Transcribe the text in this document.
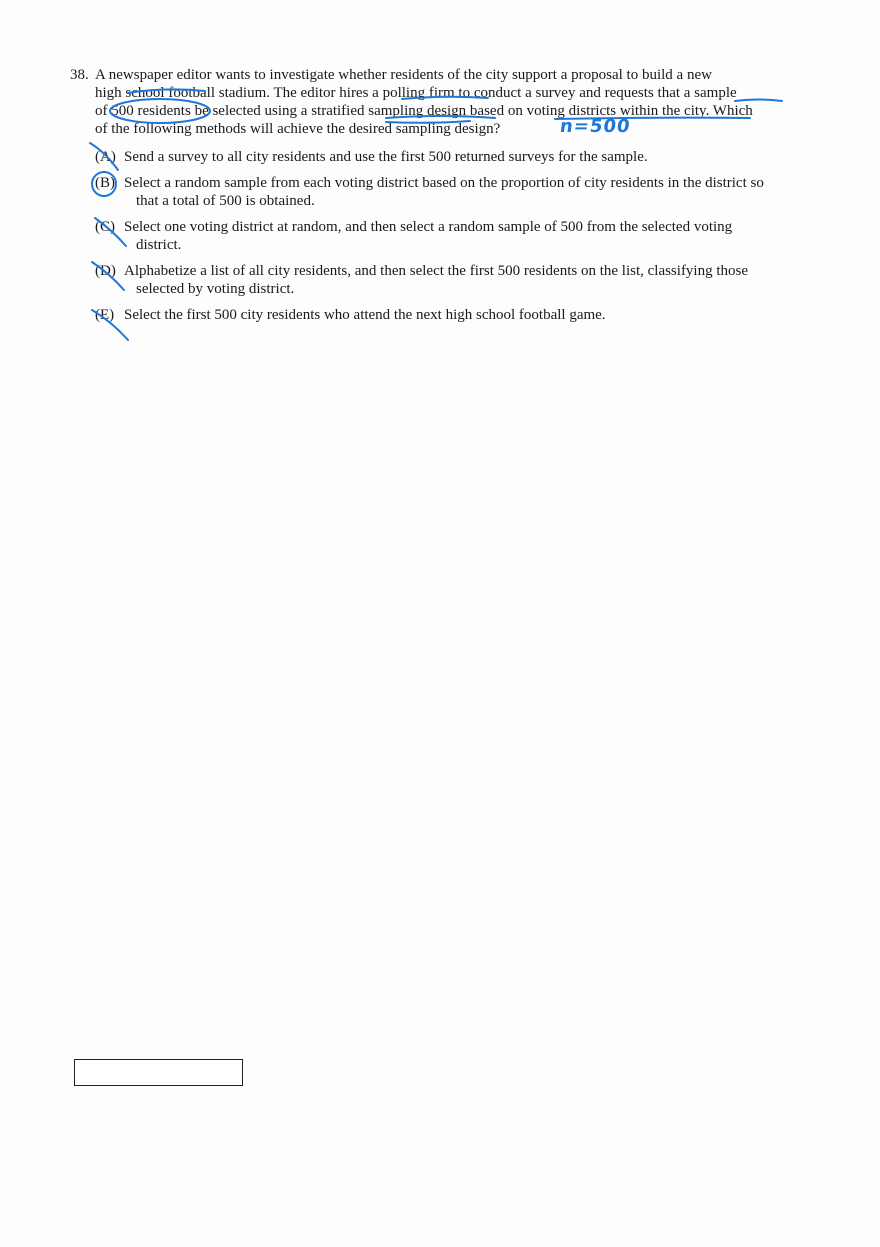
38. A newspaper editor wants to investigate whether residents of the city support a proposal to build a new
high school football stadium. The editor hires a polling firm to conduct a survey and requests that a sample
of 500 residents be selected using a stratified sampling design based on voting districts within the city. Which
of the following methods will achieve the desired sampling design?
(A) Send a survey to all city residents and use the first 500 returned surveys for the sample.
(B) Select a random sample from each voting district based on the proportion of city residents in the district so
that a total of 500 is obtained.
(C) Select one voting district at random, and then select a random sample of 500 from the selected voting
district.
(D) Alphabetize a list of all city residents, and then select the first 500 residents on the list, classifying those
selected by voting district.
(E) Select the first 500 city residents who attend the next high school football game.
n=500
